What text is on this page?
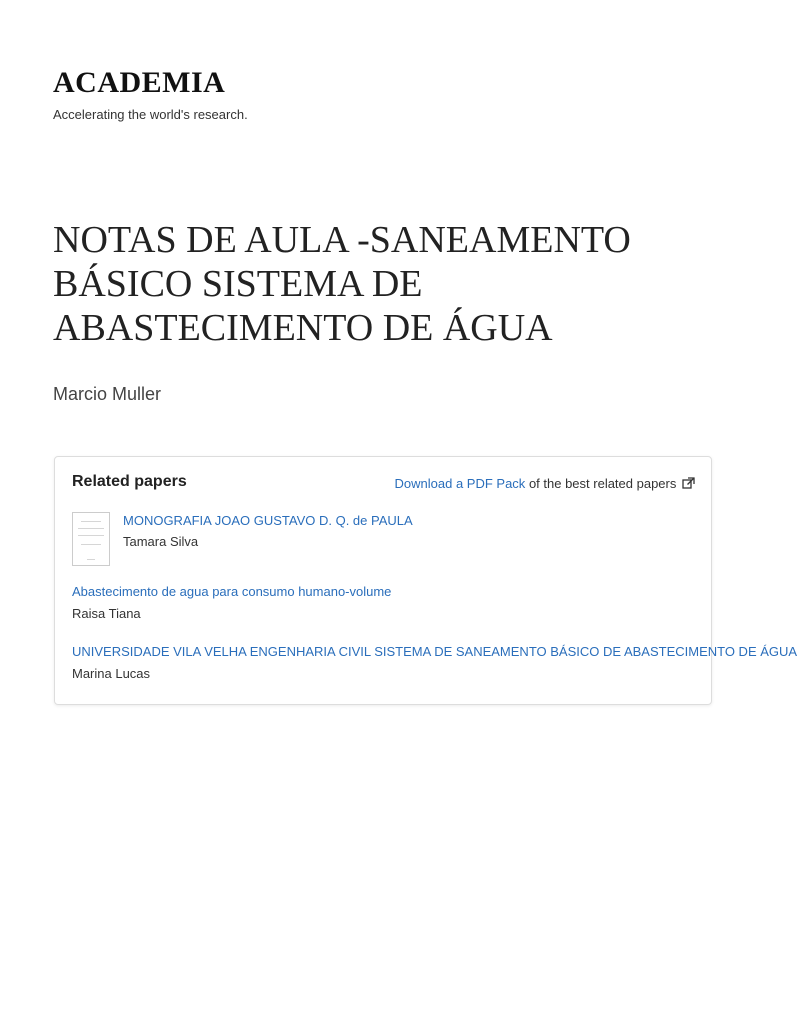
ACADEMIA

Accelerating the world's research.

NOTAS DE AULA -SANEAMENTO BÁSICO SISTEMA DE ABASTECIMENTO DE ÁGUA

Marcio Muller

Related papers	Download a PDF Pack of the best related papers
MONOGRAFIA JOAO GUSTAVO D. Q. de PAULA
Tamara Silva
Abastecimento de agua para consumo humano-volume
Raisa Tiana
UNIVERSIDADE VILA VELHA ENGENHARIA CIVIL SISTEMA DE SANEAMENTO BÁSICO DE ABASTECIMENTO DE ÁGUA
Marina Lucas
